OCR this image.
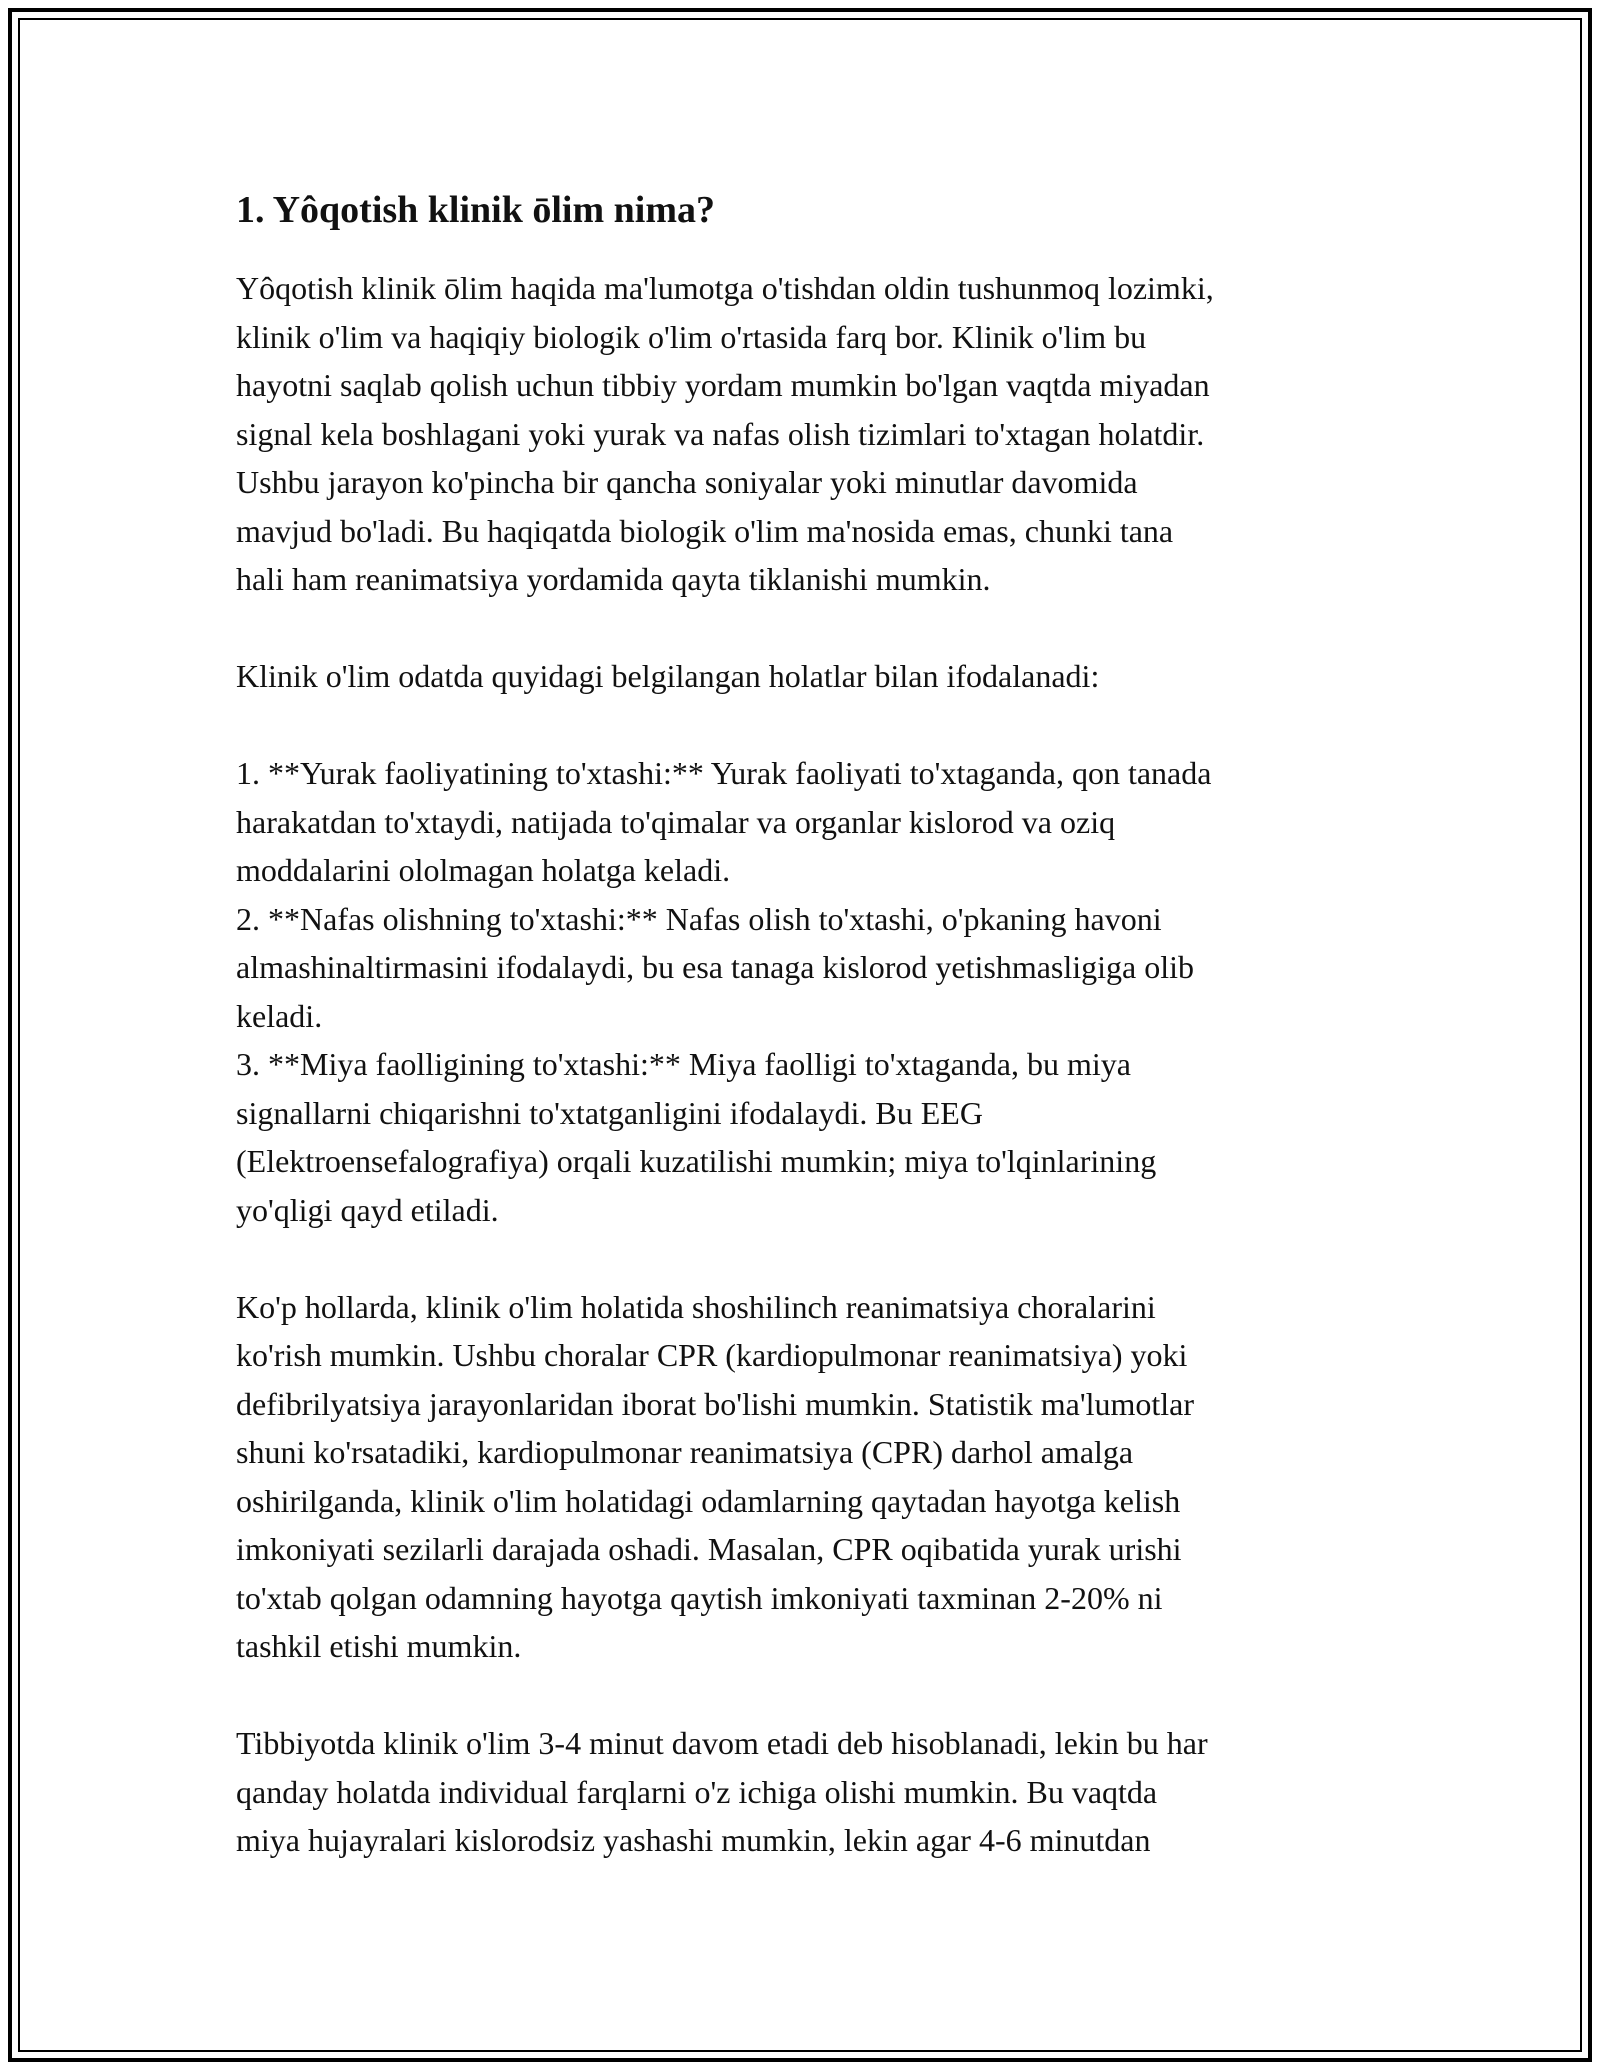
1. Yôqotish klinik ōlim nima?
Yôqotish klinik ōlim haqida ma'lumotga o'tishdan oldin tushunmoq lozimki,
klinik o'lim va haqiqiy biologik o'lim o'rtasida farq bor. Klinik o'lim bu
hayotni saqlab qolish uchun tibbiy yordam mumkin bo'lgan vaqtda miyadan
signal kela boshlagani yoki yurak va nafas olish tizimlari to'xtagan holatdir.
Ushbu jarayon ko'pincha bir qancha soniyalar yoki minutlar davomida
mavjud bo'ladi. Bu haqiqatda biologik o'lim ma'nosida emas, chunki tana
hali ham reanimatsiya yordamida qayta tiklanishi mumkin.

Klinik o'lim odatda quyidagi belgilangan holatlar bilan ifodalanadi:

1. **Yurak faoliyatining to'xtashi:** Yurak faoliyati to'xtaganda, qon tanada
harakatdan to'xtaydi, natijada to'qimalar va organlar kislorod va oziq
moddalarini ololmagan holatga keladi.
2. **Nafas olishning to'xtashi:** Nafas olish to'xtashi, o'pkaning havoni
almashinaltirmasini ifodalaydi, bu esa tanaga kislorod yetishmasligiga olib
keladi.
3. **Miya faolligining to'xtashi:** Miya faolligi to'xtaganda, bu miya
signallarni chiqarishni to'xtatganligini ifodalaydi. Bu EEG
(Elektroensefalografiya) orqali kuzatilishi mumkin; miya to'lqinlarining
yo'qligi qayd etiladi.

Ko'p hollarda, klinik o'lim holatida shoshilinch reanimatsiya choralarini
ko'rish mumkin. Ushbu choralar CPR (kardiopulmonar reanimatsiya) yoki
defibrilyatsiya jarayonlaridan iborat bo'lishi mumkin. Statistik ma'lumotlar
shuni ko'rsatadiki, kardiopulmonar reanimatsiya (CPR) darhol amalga
oshirilganda, klinik o'lim holatidagi odamlarning qaytadan hayotga kelish
imkoniyati sezilarli darajada oshadi. Masalan, CPR oqibatida yurak urishi
to'xtab qolgan odamning hayotga qaytish imkoniyati taxminan 2-20% ni
tashkil etishi mumkin.

Tibbiyotda klinik o'lim 3-4 minut davom etadi deb hisoblanadi, lekin bu har
qanday holatda individual farqlarni o'z ichiga olishi mumkin. Bu vaqtda
miya hujayralari kislorodsiz yashashi mumkin, lekin agar 4-6 minutdan
